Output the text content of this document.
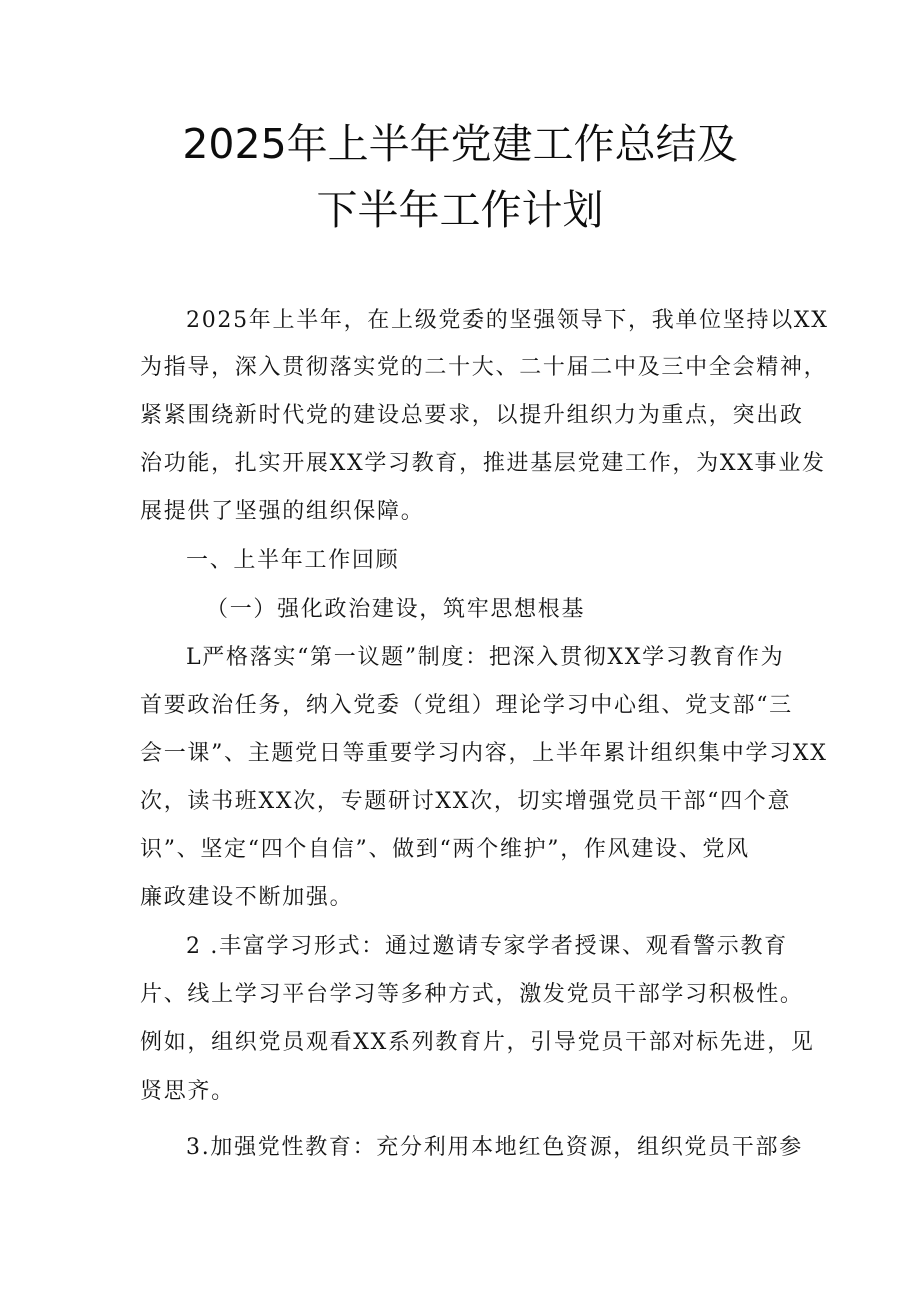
2025年上半年党建工作总结及
下半年工作计划
2025年上半年，在上级党委的坚强领导下，我单位坚持以XX
为指导，深入贯彻落实党的二十大、二十届二中及三中全会精神，
紧紧围绕新时代党的建设总要求，以提升组织力为重点，突出政
治功能，扎实开展XX学习教育，推进基层党建工作，为XX事业发
展提供了坚强的组织保障。
一、上半年工作回顾
（一）强化政治建设，筑牢思想根基
L严格落实“第一议题”制度：把深入贯彻XX学习教育作为
首要政治任务，纳入党委（党组）理论学习中心组、党支部“三
会一课”、主题党日等重要学习内容，上半年累计组织集中学习XX
次，读书班XX次，专题研讨XX次，切实增强党员干部“四个意
识”、坚定“四个自信”、做到“两个维护”，作风建设、党风
廉政建设不断加强。
2 .丰富学习形式：通过邀请专家学者授课、观看警示教育
片、线上学习平台学习等多种方式，激发党员干部学习积极性。
例如，组织党员观看XX系列教育片，引导党员干部对标先进，见
贤思齐。
3.加强党性教育：充分利用本地红色资源，组织党员干部参
